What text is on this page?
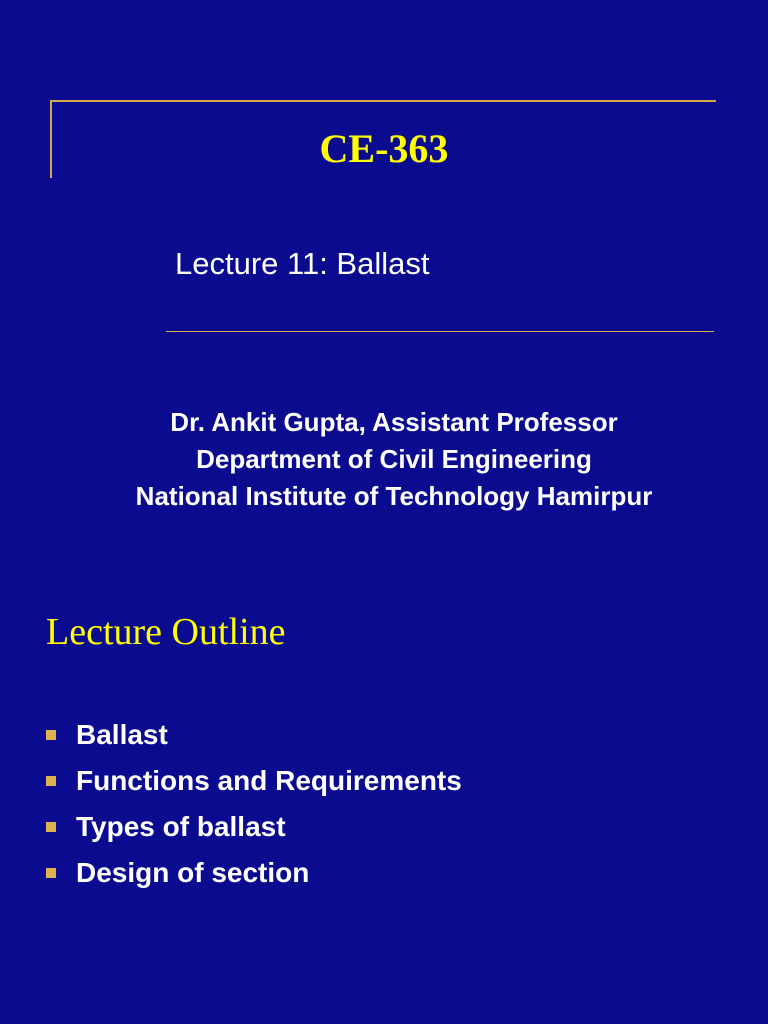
CE-363
Lecture 11: Ballast
Dr. Ankit Gupta, Assistant Professor
Department of Civil Engineering
National Institute of Technology Hamirpur
Lecture Outline
Ballast
Functions and Requirements
Types of ballast
Design of section
